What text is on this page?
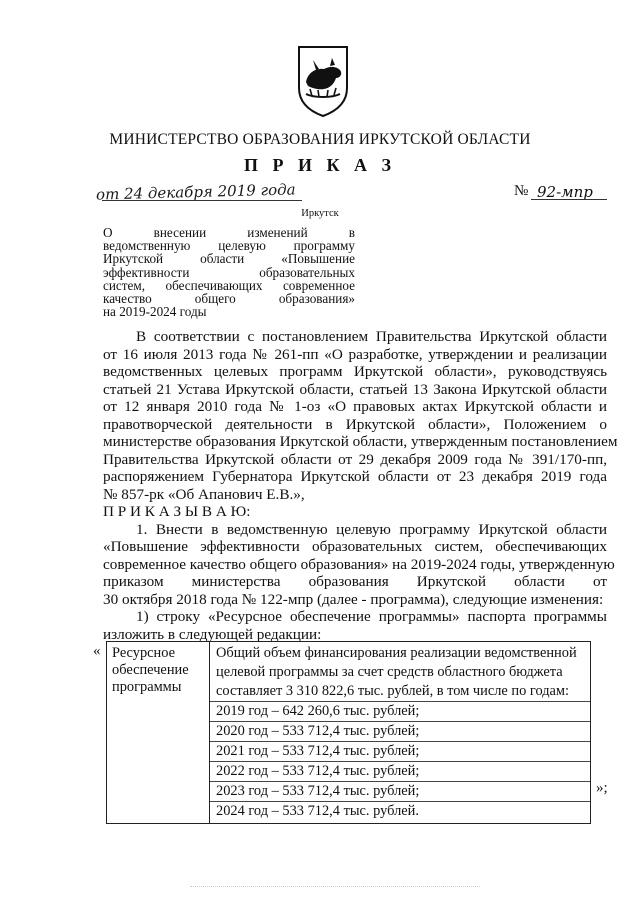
МИНИСТЕРСТВО ОБРАЗОВАНИЯ ИРКУТСКОЙ ОБЛАСТИ
П Р И К А З
от 24 декабря 2019 года	№ 92-мпр
Иркутск
О внесении изменений в
ведомственную целевую программу
Иркутской области «Повышение
эффективности образовательных
систем, обеспечивающих современное
качество общего образования»
на 2019-2024 годы
В соответствии с постановлением Правительства Иркутской области
от 16 июля 2013 года № 261-пп «О разработке, утверждении и реализации
ведомственных целевых программ Иркутской области», руководствуясь
статьей 21 Устава Иркутской области, статьей 13 Закона Иркутской области
от 12 января 2010 года № 1-оз «О правовых актах Иркутской области и
правотворческой деятельности в Иркутской области», Положением о
министерстве образования Иркутской области, утвержденным постановлением
Правительства Иркутской области от 29 декабря 2009 года № 391/170-пп,
распоряжением Губернатора Иркутской области от 23 декабря 2019 года
№ 857-рк «Об Апанович Е.В.»,
П Р И К А З Ы В А Ю:
1. Внести в ведомственную целевую программу Иркутской области
«Повышение эффективности образовательных систем, обеспечивающих
современное качество общего образования» на 2019-2024 годы, утвержденную
приказом министерства образования Иркутской области от
30 октября 2018 года № 122-мпр (далее - программа), следующие изменения:
1) строку «Ресурсное обеспечение программы» паспорта программы
изложить в следующей редакции:
« Ресурсное обеспечение программы	
Общий объем финансирования реализации ведомственной
целевой программы за счет средств областного бюджета
составляет 3 310 822,6 тыс. рублей, в том числе по годам:
2019 год – 642 260,6 тыс. рублей;
2020 год – 533 712,4 тыс. рублей;
2021 год – 533 712,4 тыс. рублей;
2022 год – 533 712,4 тыс. рублей;
2023 год – 533 712,4 тыс. рублей;
2024 год – 533 712,4 тыс. рублей.
»;
